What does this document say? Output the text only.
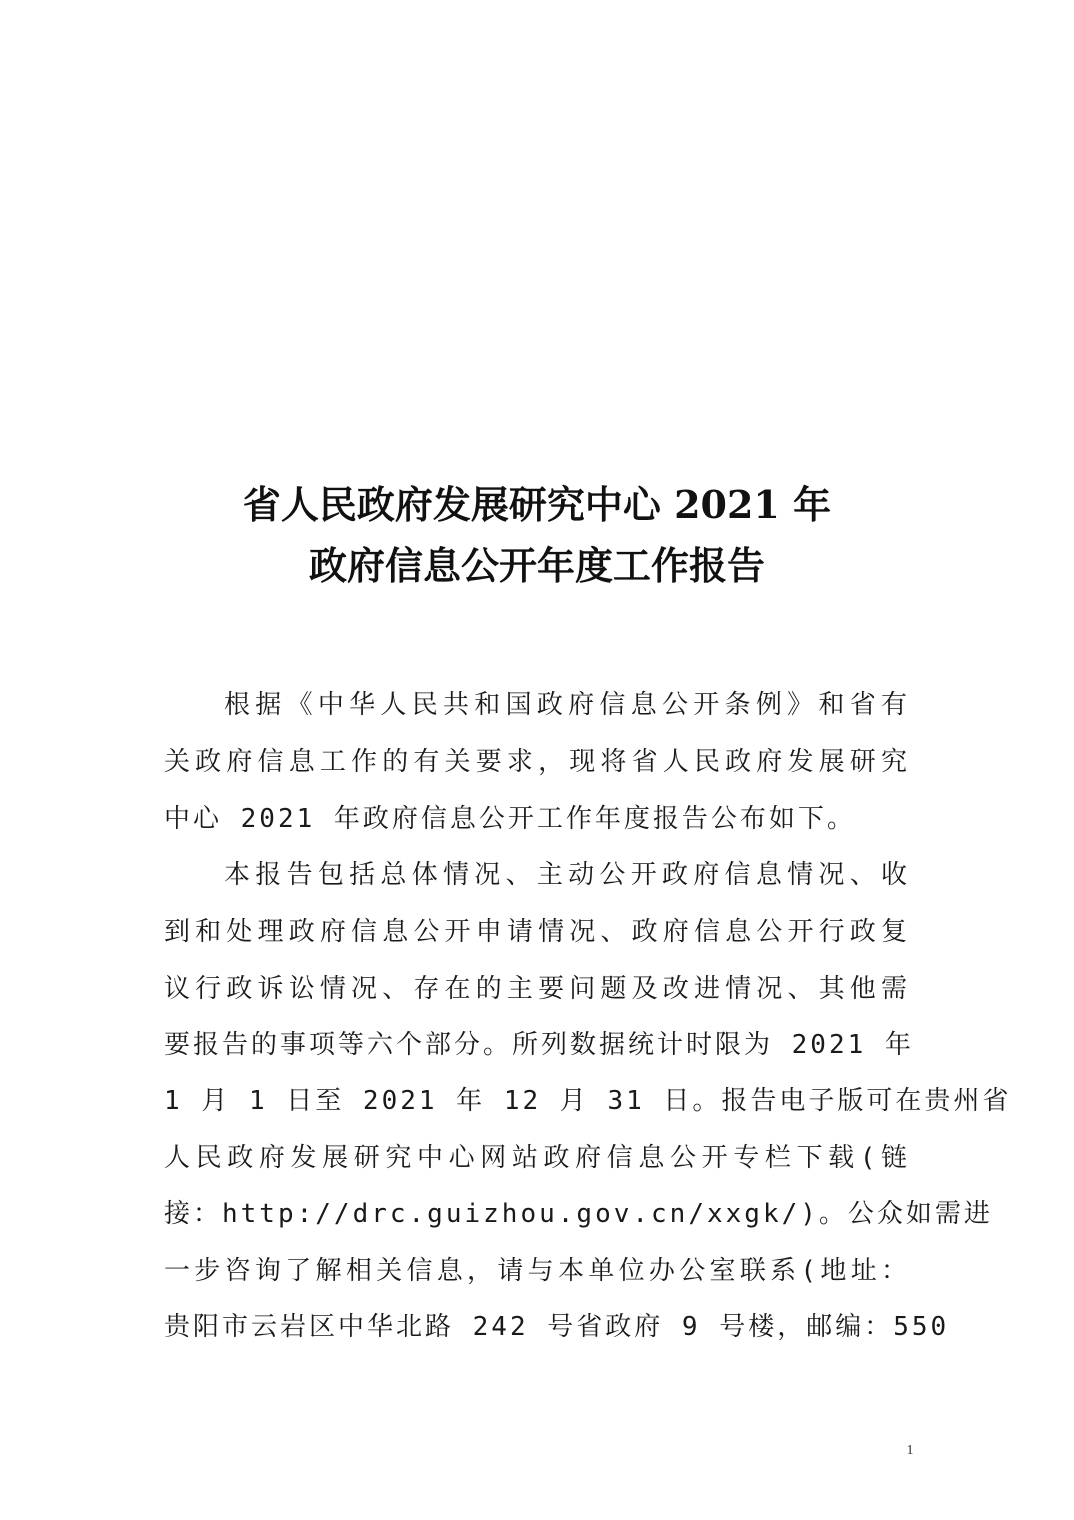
省人民政府发展研究中心 2021 年
政府信息公开年度工作报告
根据《中华人民共和国政府信息公开条例》和省有
关政府信息工作的有关要求，现将省人民政府发展研究
中心 2021 年政府信息公开工作年度报告公布如下。
本报告包括总体情况、主动公开政府信息情况、收
到和处理政府信息公开申请情况、政府信息公开行政复
议行政诉讼情况、存在的主要问题及改进情况、其他需
要报告的事项等六个部分。所列数据统计时限为 2021 年
1 月 1 日至 2021 年 12 月 31 日。报告电子版可在贵州省
人民政府发展研究中心网站政府信息公开专栏下载(链
接：http://drc.guizhou.gov.cn/xxgk/)。公众如需进
一步咨询了解相关信息，请与本单位办公室联系(地址：
贵阳市云岩区中华北路 242 号省政府 9 号楼，邮编：550
1
